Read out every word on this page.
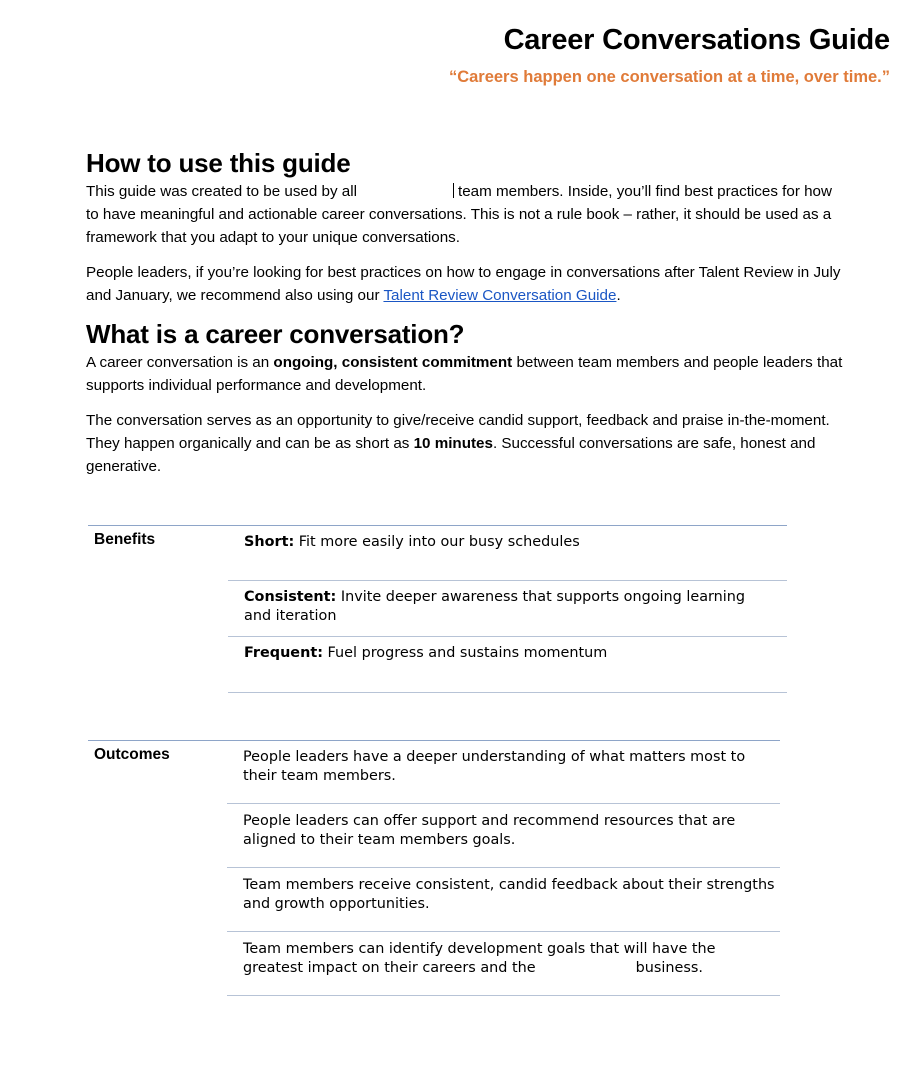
Career Conversations Guide

“Careers happen one conversation at a time, over time.”

How to use this guide

This guide was created to be used by all	team members. Inside, you’ll find best practices for how to have meaningful and actionable career conversations. This is not a rule book – rather, it should be used as a framework that you adapt to your unique conversations.

People leaders, if you’re looking for best practices on how to engage in conversations after Talent Review in July and January, we recommend also using our Talent Review Conversation Guide.

What is a career conversation?

A career conversation is an ongoing, consistent commitment between team members and people leaders that supports individual performance and development.

The conversation serves as an opportunity to give/receive candid support, feedback and praise in-the-moment. They happen organically and can be as short as 10 minutes. Successful conversations are safe, honest and generative.

Benefits	Short: Fit more easily into our busy schedules
Consistent: Invite deeper awareness that supports ongoing learning and iteration
Frequent: Fuel progress and sustains momentum
Outcomes	People leaders have a deeper understanding of what matters most to their team members.
People leaders can offer support and recommend resources that are aligned to their team members goals.
Team members receive consistent, candid feedback about their strengths and growth opportunities.
Team members can identify development goals that will have the greatest impact on their careers and the	business.
